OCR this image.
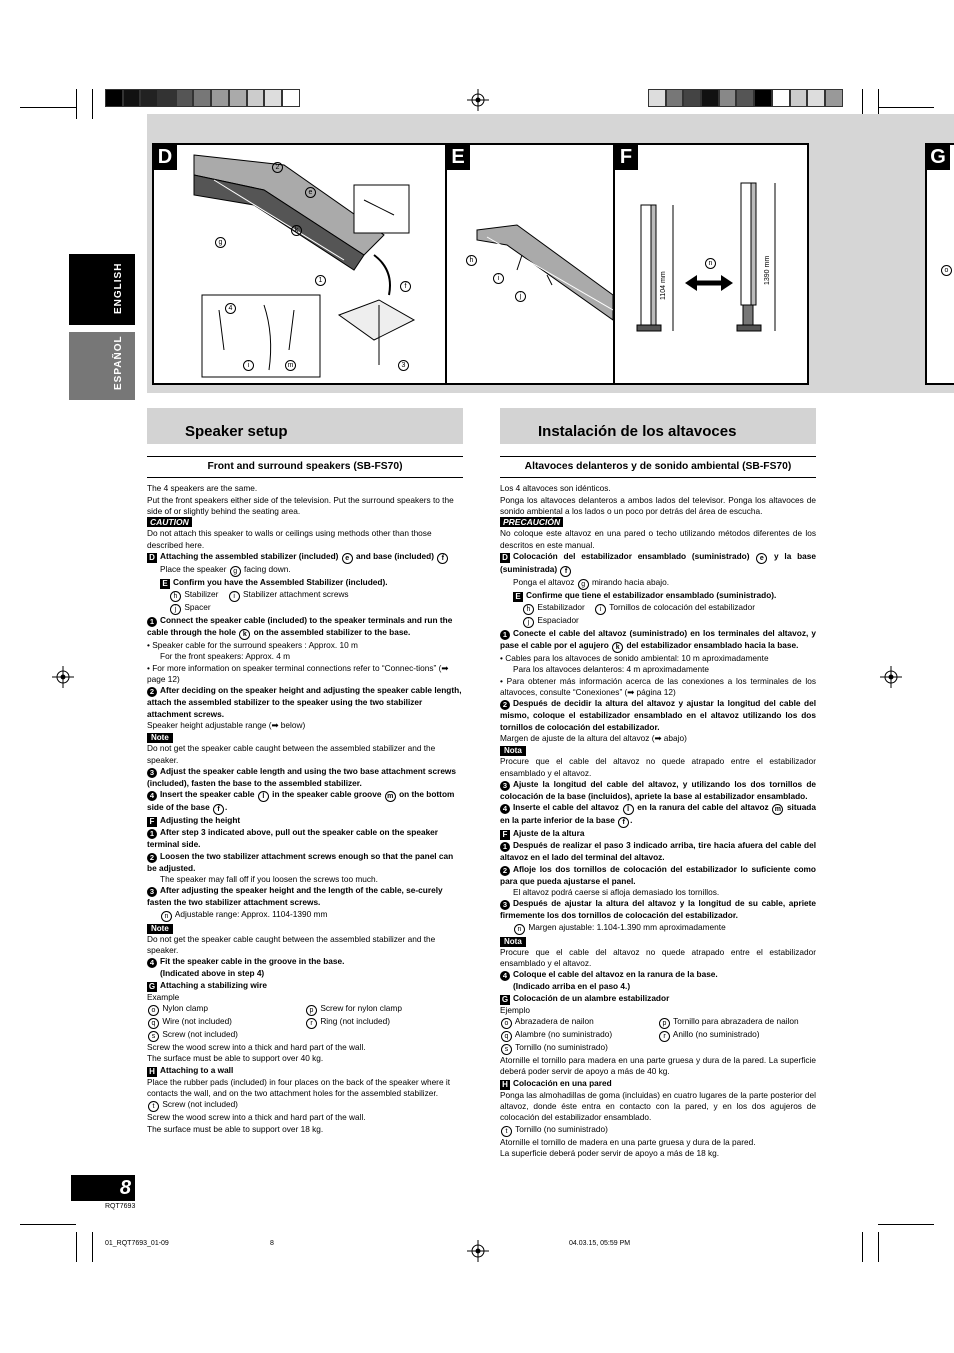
2
e
k
g
1
f
4
i	m	3
D
h
i
j
E
n
1104 mm
1390 mm
F
o
G
ENGLISH
ESPAÑOL
Speaker setup
Front and surround speakers (SB-FS70)

The 4 speakers are the same.

Put the front speakers either side of the television. Put the surround speakers to the side of or slightly behind the seating area.

CAUTION

Do not attach this speaker to walls or ceilings using methods other than those described here.

D Attaching the assembled stabilizer (included) e and base (included) f

Place the speaker g facing down.

E Confirm you have the Assembled Stabilizer (included).

h Stabilizer i Stabilizer attachment screws

j Spacer

1 Connect the speaker cable (included) to the speaker terminals and run the cable through the hole k on the assembled stabilizer to the base.

• Speaker cable for the surround speakers : Approx. 10 m

For the front speakers: Approx. 4 m

• For more information on speaker terminal connections refer to “Connec-tions” (➡ page 12)

2 After deciding on the speaker height and adjusting the speaker cable length, attach the assembled stabilizer to the speaker using the two stabilizer attachment screws.

Speaker height adjustable range (➡ below)

Note

Do not get the speaker cable caught between the assembled stabilizer and the speaker.

3 Adjust the speaker cable length and using the two base attachment screws (included), fasten the base to the assembled stabilizer.

4 Insert the speaker cable l in the speaker cable groove m on the bottom side of the base f .

F Adjusting the height

1 After step 3 indicated above, pull out the speaker cable on the speaker terminal side.

2 Loosen the two stabilizer attachment screws enough so that the panel can be adjusted.

The speaker may fall off if you loosen the screws too much.

3 After adjusting the speaker height and the length of the cable, se-curely fasten the two stabilizer attachment screws.

n Adjustable range: Approx. 1104-1390 mm

Note

Do not get the speaker cable caught between the assembled stabilizer and the speaker.

4 Fit the speaker cable in the groove in the base.

(Indicated above in step 4)

G Attaching a stabilizing wire

Example

o Nylon clamp	p Screw for nylon clamp
q Wire (not included)	r Ring (not included)

s Screw (not included)

Screw the wood screw into a thick and hard part of the wall.

The surface must be able to support over 40 kg.

H Attaching to a wall

Place the rubber pads (included) in four places on the back of the speaker where it contacts the wall, and on the two attachment holes for the assembled stabilizer.

t Screw (not included)

Screw the wood screw into a thick and hard part of the wall.

The surface must be able to support over 18 kg.

Instalación de los altavoces
Altavoces delanteros y de sonido ambiental (SB-FS70)

Los 4 altavoces son idénticos.

Ponga los altavoces delanteros a ambos lados del televisor. Ponga los altavoces de sonido ambiental a los lados o un poco por detrás del área de escucha.

PRECAUCIÓN

No coloque este altavoz en una pared o techo utilizando métodos diferentes de los descritos en este manual.

D Colocación del estabilizador ensamblado (suministrado) e y la base (suministrada) f

Ponga el altavoz g mirando hacia abajo.

E Confirme que tiene el estabilizador ensamblado (suministrado).

h Estabilizador i Tornillos de colocación del estabilizador

j Espaciador

1 Conecte el cable del altavoz (suministrado) en los terminales del altavoz, y pase el cable por el agujero k del estabilizador ensamblado hacia la base.

• Cables para los altavoces de sonido ambiental: 10 m aproximadamente

Para los altavoces delanteros: 4 m aproximadamente

• Para obtener más información acerca de las conexiones a los terminales de los altavoces, consulte “Conexiones” (➡ página 12)

2 Después de decidir la altura del altavoz y ajustar la longitud del cable del mismo, coloque el estabilizador ensamblado en el altavoz utilizando los dos tornillos de colocación del estabilizador.

Margen de ajuste de la altura del altavoz (➡ abajo)

Nota

Procure que el cable del altavoz no quede atrapado entre el estabilizador ensamblado y el altavoz.

3 Ajuste la longitud del cable del altavoz, y utilizando los dos tornillos de colocación de la base (incluidos), apriete la base al estabilizador ensamblado.

4 Inserte el cable del altavoz l en la ranura del cable del altavoz m situada en la parte inferior de la base f .

F Ajuste de la altura

1 Después de realizar el paso 3 indicado arriba, tire hacia afuera del cable del altavoz en el lado del terminal del altavoz.

2 Afloje los dos tornillos de colocación del estabilizador lo suficiente como para que pueda ajustarse el panel.

El altavoz podrá caerse si afloja demasiado los tornillos.

3 Después de ajustar la altura del altavoz y la longitud de su cable, apriete firmemente los dos tornillos de colocación del estabilizador.

n Margen ajustable: 1.104-1.390 mm aproximadamente

Nota

Procure que el cable del altavoz no quede atrapado entre el estabilizador ensamblado y el altavoz.

4 Coloque el cable del altavoz en la ranura de la base.

(Indicado arriba en el paso 4.)

G Colocación de un alambre estabilizador

Ejemplo

o Abrazadera de nailon	p Tornillo para abrazadera de nailon
q Alambre (no suministrado)	r Anillo (no suministrado)

s Tornillo (no suministrado)

Atornille el tornillo para madera en una parte gruesa y dura de la pared. La superficie deberá poder servir de apoyo a más de 40 kg.

H Colocación en una pared

Ponga las almohadillas de goma (incluidas) en cuatro lugares de la parte posterior del altavoz, donde éste entra en contacto con la pared, y en los dos agujeros de colocación del estabilizador ensamblado.

t Tornillo (no suministrado)

Atornille el tornillo de madera en una parte gruesa y dura de la pared.

La superficie deberá poder servir de apoyo a más de 18 kg.

8
RQT7693
01_RQT7693_01-09	8	04.03.15, 05:59 PM
